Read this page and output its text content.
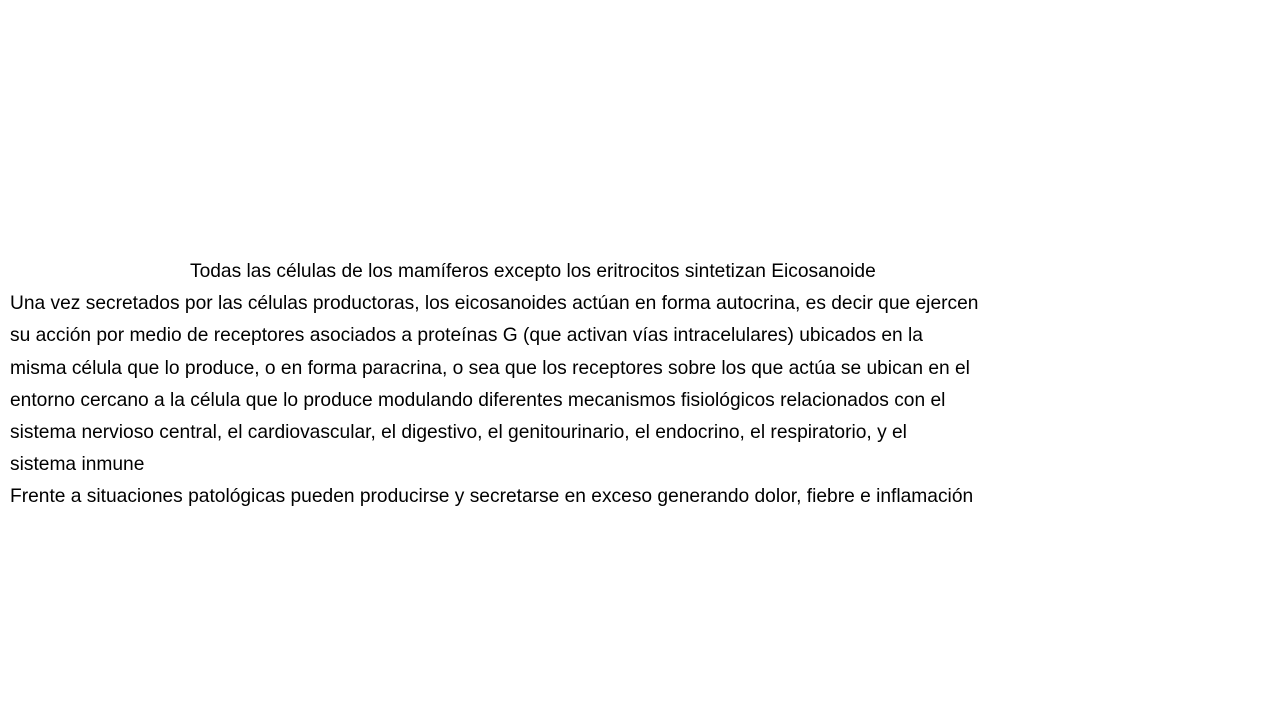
Todas las células de los mamíferos excepto los eritrocitos sintetizan Eicosanoide
Una vez secretados por las células productoras, los eicosanoides actúan en forma autocrina, es decir que ejercen
su acción por medio de receptores asociados a proteínas G (que activan vías intracelulares) ubicados en la
misma célula que lo produce, o en forma paracrina, o sea que los receptores sobre los que actúa se ubican en el
entorno cercano a la célula que lo produce modulando diferentes mecanismos fisiológicos relacionados con el
sistema nervioso central, el cardiovascular, el digestivo, el genitourinario, el endocrino, el respiratorio, y el
sistema inmune
Frente a situaciones patológicas pueden producirse y secretarse en exceso generando dolor, fiebre e inflamación
